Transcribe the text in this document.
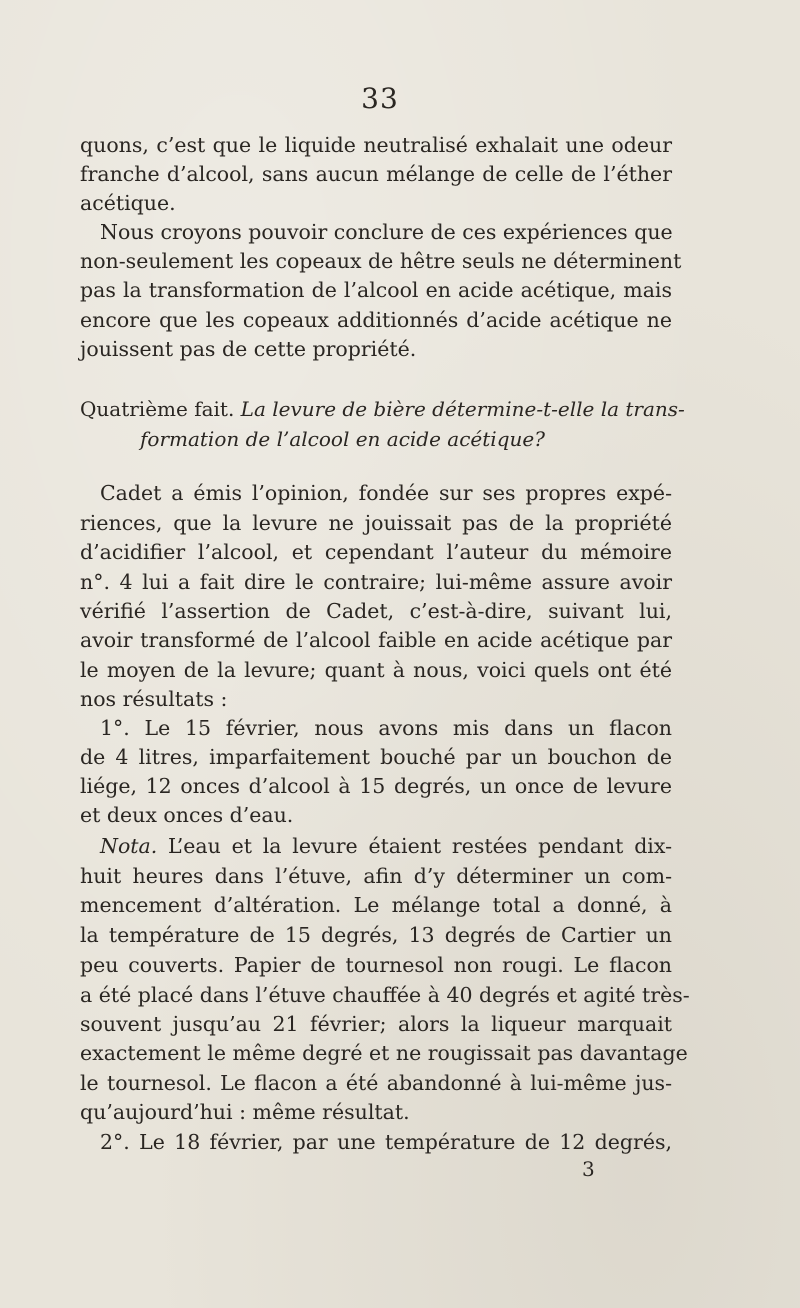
33
quons, c’est que le liquide neutralisé exhalait une odeur
franche d’alcool, sans aucun mélange de celle de l’éther
acétique.
Nous croyons pouvoir conclure de ces expériences que
non-seulement les copeaux de hêtre seuls ne déterminent
pas la transformation de l’alcool en acide acétique, mais
encore que les copeaux additionnés d’acide acétique ne
jouissent pas de cette propriété.
Quatrième fait. La levure de bière détermine-t-elle la trans-
formation de l’alcool en acide acétique?
Cadet a émis l’opinion, fondée sur ses propres expé-
riences, que la levure ne jouissait pas de la propriété
d’acidifier l’alcool, et cependant l’auteur du mémoire
n°. 4 lui a fait dire le contraire; lui-même assure avoir
vérifié l’assertion de Cadet, c’est-à-dire, suivant lui,
avoir transformé de l’alcool faible en acide acétique par
le moyen de la levure; quant à nous, voici quels ont été
nos résultats :
1°. Le 15 février, nous avons mis dans un flacon
de 4 litres, imparfaitement bouché par un bouchon de
liége, 12 onces d’alcool à 15 degrés, un once de levure
et deux onces d’eau.
Nota. L’eau et la levure étaient restées pendant dix-
huit heures dans l’étuve, afin d’y déterminer un com-
mencement d’altération. Le mélange total a donné, à
la température de 15 degrés, 13 degrés de Cartier un
peu couverts. Papier de tournesol non rougi. Le flacon
a été placé dans l’étuve chauffée à 40 degrés et agité très-
souvent jusqu’au 21 février; alors la liqueur marquait
exactement le même degré et ne rougissait pas davantage
le tournesol. Le flacon a été abandonné à lui-même jus-
qu’aujourd’hui : même résultat.
2°. Le 18 février, par une température de 12 degrés,
3
